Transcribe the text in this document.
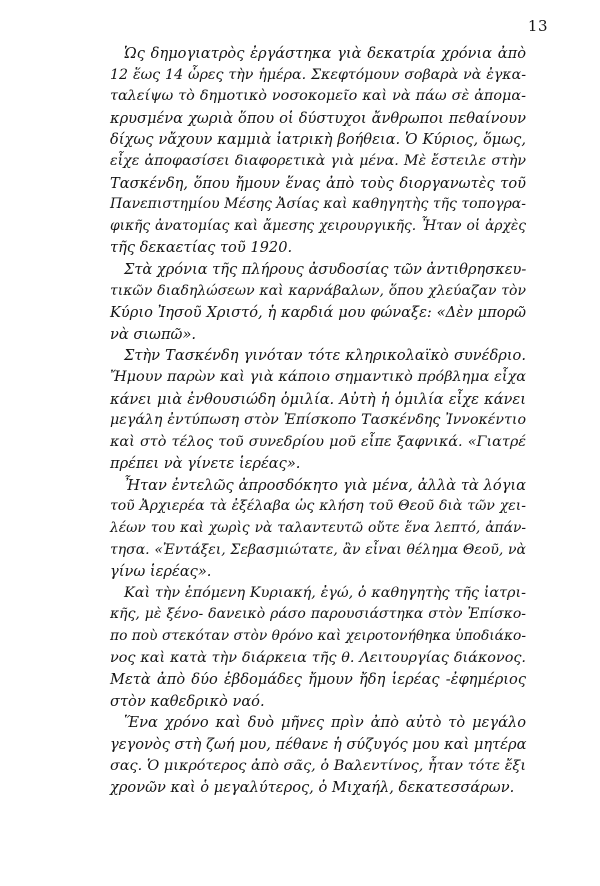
13
Ὡς δημογιατρὸς ἐργάστηκα γιὰ δεκατρία χρόνια ἀπὸ
12 ἕως 14 ὧρες τὴν ἡμέρα. Σκεφτόμουν σοβαρὰ νὰ ἐγκα-
ταλείψω τὸ δημοτικὸ νοσοκομεῖο καὶ νὰ πάω σὲ ἀπομα-
κρυσμένα χωριὰ ὅπου οἱ δύστυχοι ἄνθρωποι πεθαίνουν
δίχως νἄχουν καμμιὰ ἰατρικὴ βοήθεια. Ὁ Κύριος, ὅμως,
εἶχε ἀποφασίσει διαφορετικὰ γιὰ μένα. Μὲ ἔστειλε στὴν
Τασκένδη, ὅπου ἤμουν ἕνας ἀπὸ τοὺς διοργανωτὲς τοῦ
Πανεπιστημίου Μέσης Ἀσίας καὶ καθηγητὴς τῆς τοπογρα-
φικῆς ἀνατομίας καὶ ἄμεσης χειρουργικῆς. Ἦταν οἱ ἀρχὲς
τῆς δεκαετίας τοῦ 1920.
Στὰ χρόνια τῆς πλήρους ἀσυδοσίας τῶν ἀντιθρησκευ-
τικῶν διαδηλώσεων καὶ καρνάβαλων, ὅπου χλεύαζαν τὸν
Κύριο Ἰησοῦ Χριστό, ἡ καρδιά μου φώναξε: «Δὲν μπορῶ
νὰ σιωπῶ».
Στὴν Τασκένδη γινόταν τότε κληρικολαϊκὸ συνέδριο.
Ἤμουν παρὼν καὶ γιὰ κάποιο σημαντικὸ πρόβλημα εἶχα
κάνει μιὰ ἐνθουσιώδη ὁμιλία. Αὐτὴ ἡ ὁμιλία εἶχε κάνει
μεγάλη ἐντύπωση στὸν Ἐπίσκοπο Τασκένδης Ἰννοκέντιο
καὶ στὸ τέλος τοῦ συνεδρίου μοῦ εἶπε ξαφνικά. «Γιατρέ
πρέπει νὰ γίνετε ἱερέας».
Ἦταν ἐντελῶς ἀπροσδόκητο γιὰ μένα, ἀλλὰ τὰ λόγια
τοῦ Ἀρχιερέα τὰ ἐξέλαβα ὡς κλήση τοῦ Θεοῦ διὰ τῶν χει-
λέων του καὶ χωρὶς νὰ ταλαντευτῶ οὔτε ἕνα λεπτό, ἀπάν-
τησα. «Ἐντάξει, Σεβασμιώτατε, ἂν εἶναι θέλημα Θεοῦ, νὰ
γίνω ἱερέας».
Καὶ τὴν ἑπόμενη Κυριακή, ἐγώ, ὁ καθηγητὴς τῆς ἰατρι-
κῆς, μὲ ξένο- δανεικὸ ράσο παρουσιάστηκα στὸν Ἐπίσκο-
πο ποὺ στεκόταν στὸν θρόνο καὶ χειροτονήθηκα ὑποδιάκο-
νος καὶ κατὰ τὴν διάρκεια τῆς θ. Λειτουργίας διάκονος.
Μετὰ ἀπὸ δύο ἑβδομάδες ἤμουν ἤδη ἱερέας -ἐφημέριος
στὸν καθεδρικὸ ναό.
Ἕνα χρόνο καὶ δυὸ μῆνες πρὶν ἀπὸ αὐτὸ τὸ μεγάλο
γεγονὸς στὴ ζωή μου, πέθανε ἡ σύζυγός μου καὶ μητέρα
σας. Ὁ μικρότερος ἀπὸ σᾶς, ὁ Βαλεντίνος, ἦταν τότε ἔξι
χρονῶν καὶ ὁ μεγαλύτερος, ὁ Μιχαήλ, δεκατεσσάρων.
